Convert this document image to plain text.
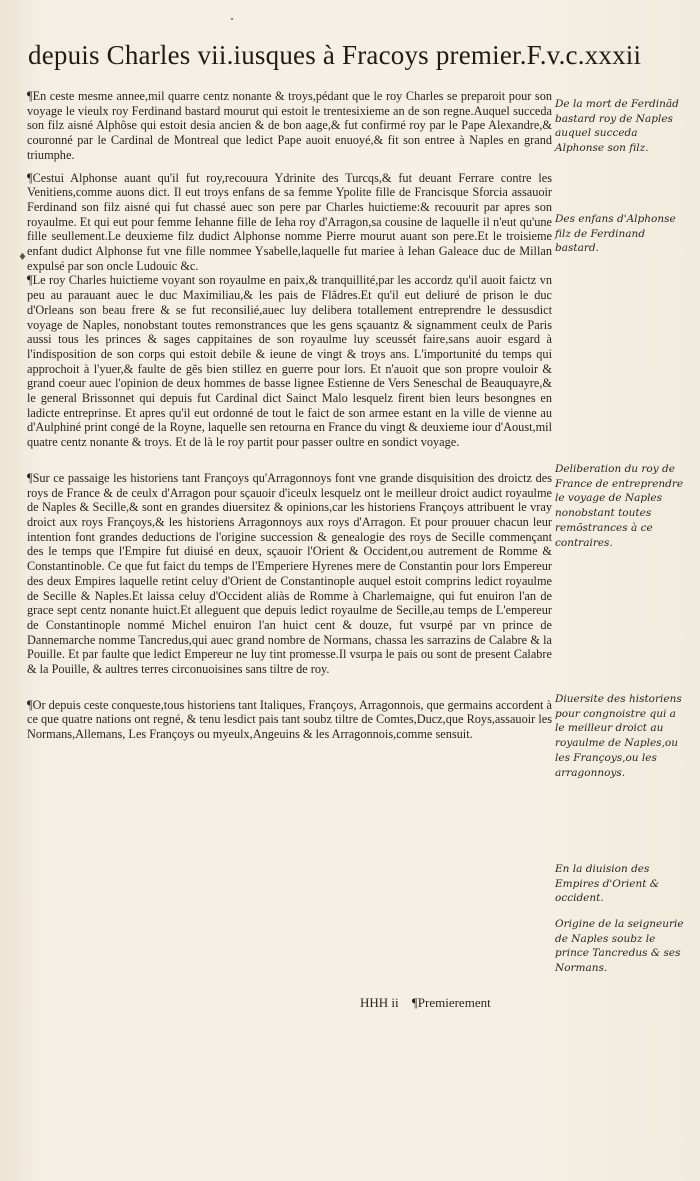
depuis Charles vii.iusques à Fracoys premier.F.v.c.xxxii

¶En ceste mesme annee,mil quarre centz nonante & troys,pédant que le roy Charles se preparoit pour son voyage le vieulx roy Ferdinand bastard mourut qui estoit le trentesixieme an de son regne.Auquel succeda son filz aisné Alphôse qui estoit desia ancien & de bon aage,& fut confirmé roy par le Pape Alexandre,& couronné par le Cardinal de Montreal que ledict Pape auoit enuoyé,& fit son entree à Naples en grand triumphe.

¶Cestui Alphonse auant qu'il fut roy,recouura Ydrinite des Turcqs,& fut deuant Ferrare contre les Venitiens,comme auons dict. Il eut troys enfans de sa femme Ypolite fille de Francisque Sforcia assauoir Ferdinand son filz aisné qui fut chassé auec son pere par Charles huictieme:& recouurit par apres son royaulme. Et qui eut pour femme Iehanne fille de Ieha roy d'Arragon,sa cousine de laquelle il n'eut qu'une fille seullement.Le deuxieme filz dudict Alphonse nomme Pierre mourut auant son pere.Et le troisieme enfant dudict Alphonse fut vne fille nommee Ysabelle,laquelle fut mariee à Iehan Galeace duc de Millan expulsé par son oncle Ludouic &c.

¶Le roy Charles huictieme voyant son royaulme en paix,& tranquillité,par les accordz qu'il auoit faictz vn peu au parauant auec le duc Maximiliau,& les pais de Flãdres.Et qu'il eut deliuré de prison le duc d'Orleans son beau frere & se fut reconsilié,auec luy delibera totallement entreprendre le dessusdict voyage de Naples, nonobstant toutes remonstrances que les gens sçauantz & signamment ceulx de Paris aussi tous les princes & sages cappitaines de son royaulme luy sceussét faire,sans auoir esgard à l'indisposition de son corps qui estoit debile & ieune de vingt & troys ans. L'importunité du temps qui approchoit à l'yuer,& faulte de gẽs bien stillez en guerre pour lors. Et n'auoit que son propre vouloir & grand coeur auec l'opinion de deux hommes de basse lignee Estienne de Vers Seneschal de Beauquayre,& le general Brissonnet qui depuis fut Cardinal dict Sainct Malo lesquelz firent bien leurs besongnes en ladicte entreprinse. Et apres qu'il eut ordonné de tout le faict de son armee estant en la ville de vienne au d'Aulphiné print congé de la Royne, laquelle sen retourna en France du vingt & deuxieme iour d'Aoust,mil quatre centz nonante & troys. Et de là le roy partit pour passer oultre en sondict voyage.

¶Sur ce passaige les historiens tant Françoys qu'Arragonnoys font vne grande disquisition des droictz des roys de France & de ceulx d'Arragon pour sçauoir d'iceulx lesquelz ont le meilleur droict audict royaulme de Naples & Secille,& sont en grandes diuersitez & opinions,car les historiens Françoys attribuent le vray droict aux roys Françoys,& les historiens Arragonnoys aux roys d'Arragon. Et pour prouuer chacun leur intention font grandes deductions de l'origine succession & genealogie des roys de Secille commençant des le temps que l'Empire fut diuisé en deux, sçauoir l'Orient & Occident,ou autrement de Romme & Constantinoble. Ce que fut faict du temps de l'Emperiere Hyrenes mere de Constantin pour lors Empereur des deux Empires laquelle retint celuy d'Orient de Constantinople auquel estoit comprins ledict royaulme de Secille & Naples.Et laissa celuy d'Occident aliàs de Romme à Charlemaigne, qui fut enuiron l'an de grace sept centz nonante huict.Et alleguent que depuis ledict royaulme de Secille,au temps de L'empereur de Constantinople nommé Michel enuiron l'an huict cent & douze, fut vsurpé par vn prince de Dannemarche nomme Tancredus,qui auec grand nombre de Normans, chassa les sarrazins de Calabre & la Pouille. Et par faulte que ledict Empereur ne luy tint promesse.Il vsurpa le pais ou sont de present Calabre & la Pouille, & aultres terres circonuoisines sans tiltre de roy.

¶Or depuis ceste conqueste,tous historiens tant Italiques, Françoys, Arragonnois, que germains accordent à ce que quatre nations ont regné, & tenu lesdict pais tant soubz tiltre de Comtes,Ducz,que Roys,assauoir les Normans,Allemans, Les Françoys ou myeulx,Angeuins & les Arragonnois,comme sensuit.

HHH ii ¶Premierement
De la mort de Ferdinãd bastard roy de Naples auquel succeda Alphonse son filz.
Des enfans d'Alphonse filz de Ferdinand bastard.
Deliberation du roy de France de entreprendre le voyage de Naples nonobstant toutes remõstrances à ce contraires.
Diuersite des historiens pour congnoistre qui a le meilleur droict au royaulme de Naples,ou les Françoys,ou les arragonnoys.
En la diuision des Empires d'Orient & occident.
Origine de la seigneurie de Naples soubz le prince Tancredus & ses Normans.
♦
